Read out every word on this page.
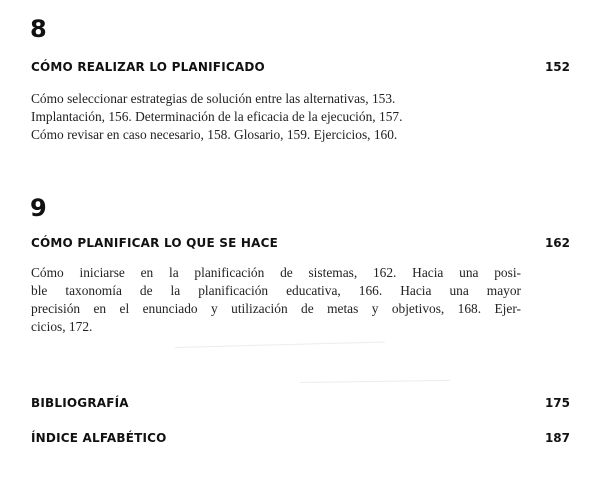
8
CÓMO REALIZAR LO PLANIFICADO	152
Cómo seleccionar estrategias de solución entre las alternativas, 153.
Implantación, 156. Determinación de la eficacia de la ejecución, 157.
Cómo revisar en caso necesario, 158. Glosario, 159. Ejercicios, 160.
9
CÓMO PLANIFICAR LO QUE SE HACE	162
Cómo iniciarse en la planificación de sistemas, 162. Hacia una posi-
ble taxonomía de la planificación educativa, 166. Hacia una mayor
precisión en el enunciado y utilización de metas y objetivos, 168. Ejer-
cicios, 172.
BIBLIOGRAFÍA	175
ÍNDICE ALFABÉTICO	187
